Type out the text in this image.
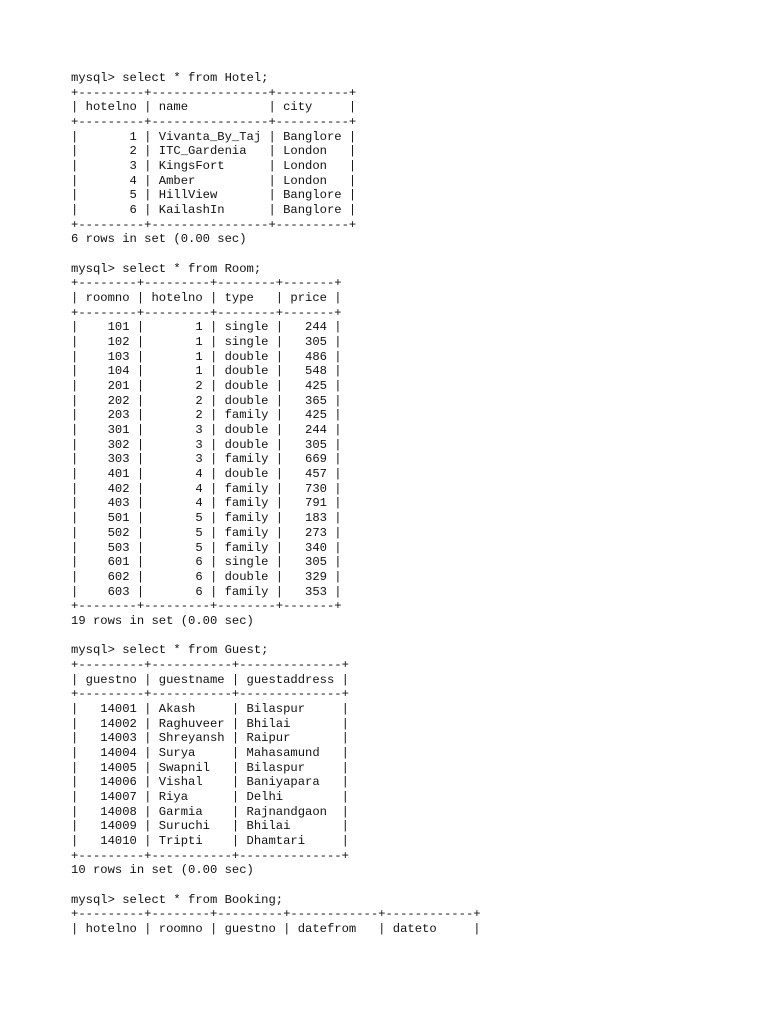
mysql> select * from Hotel;
+---------+----------------+----------+
| hotelno | name           | city     |
+---------+----------------+----------+
|       1 | Vivanta_By_Taj | Banglore |
|       2 | ITC_Gardenia   | London   |
|       3 | KingsFort      | London   |
|       4 | Amber          | London   |
|       5 | HillView       | Banglore |
|       6 | KailashIn      | Banglore |
+---------+----------------+----------+
6 rows in set (0.00 sec)
mysql> select * from Room;
+--------+---------+--------+-------+
| roomno | hotelno | type   | price |
+--------+---------+--------+-------+
|    101 |       1 | single |   244 |
|    102 |       1 | single |   305 |
|    103 |       1 | double |   486 |
|    104 |       1 | double |   548 |
|    201 |       2 | double |   425 |
|    202 |       2 | double |   365 |
|    203 |       2 | family |   425 |
|    301 |       3 | double |   244 |
|    302 |       3 | double |   305 |
|    303 |       3 | family |   669 |
|    401 |       4 | double |   457 |
|    402 |       4 | family |   730 |
|    403 |       4 | family |   791 |
|    501 |       5 | family |   183 |
|    502 |       5 | family |   273 |
|    503 |       5 | family |   340 |
|    601 |       6 | single |   305 |
|    602 |       6 | double |   329 |
|    603 |       6 | family |   353 |
+--------+---------+--------+-------+
19 rows in set (0.00 sec)
mysql> select * from Guest;
+---------+-----------+--------------+
| guestno | guestname | guestaddress |
+---------+-----------+--------------+
|   14001 | Akash     | Bilaspur     |
|   14002 | Raghuveer | Bhilai       |
|   14003 | Shreyansh | Raipur       |
|   14004 | Surya     | Mahasamund   |
|   14005 | Swapnil   | Bilaspur     |
|   14006 | Vishal    | Baniyapara   |
|   14007 | Riya      | Delhi        |
|   14008 | Garmia    | Rajnandgaon  |
|   14009 | Suruchi   | Bhilai       |
|   14010 | Tripti    | Dhamtari     |
+---------+-----------+--------------+
10 rows in set (0.00 sec)
mysql> select * from Booking;
+---------+--------+---------+------------+------------+
| hotelno | roomno | guestno | datefrom   | dateto     |
